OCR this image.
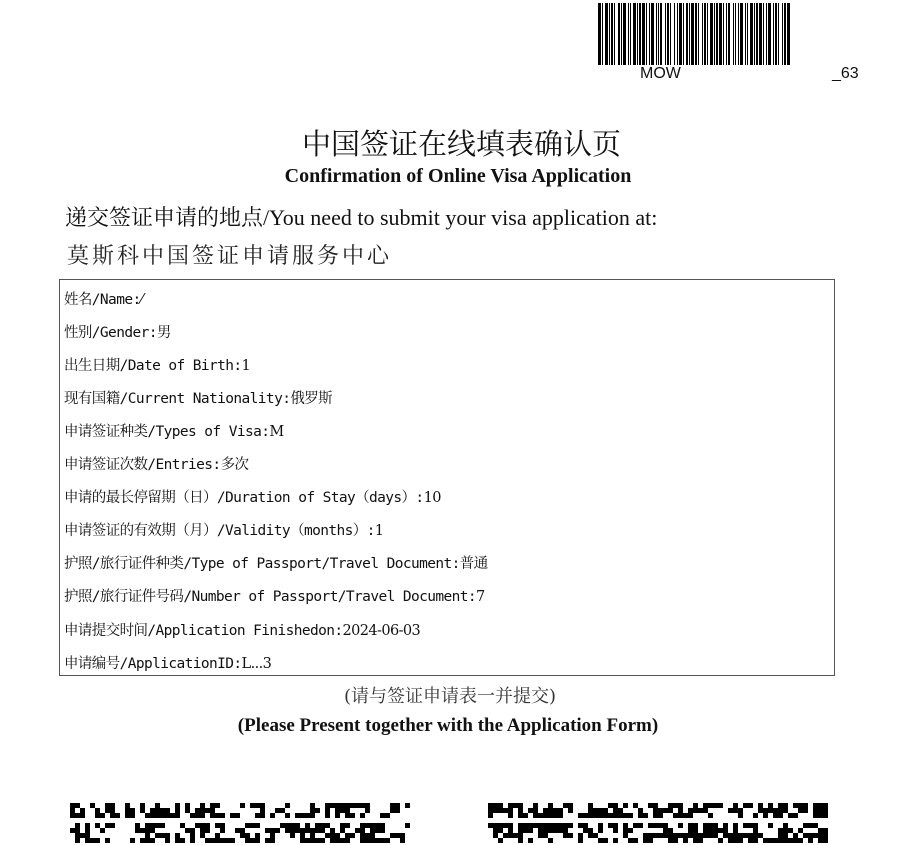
MOW	_63
中国签证在线填表确认页
Confirmation of Online Visa Application
递交签证申请的地点/You need to submit your visa application at:
莫斯科中国签证申请服务中心
姓名/Name:⁄
性别/Gender:男
出生日期/Date of Birth:1
现有国籍/Current Nationality:俄罗斯
申请签证种类/Types of Visa:M
申请签证次数/Entries:多次
申请的最长停留期（日）/Duration of Stay（days）:10
申请签证的有效期（月）/Validity（months）:1
护照/旅行证件种类/Type of Passport/Travel Document:普通
护照/旅行证件号码/Number of Passport/Travel Document:7
申请提交时间/Application Finishedon:2024-06-03
申请编号/ApplicationID:L...3
(请与签证申请表一并提交)
(Please Present together with the Application Form)
